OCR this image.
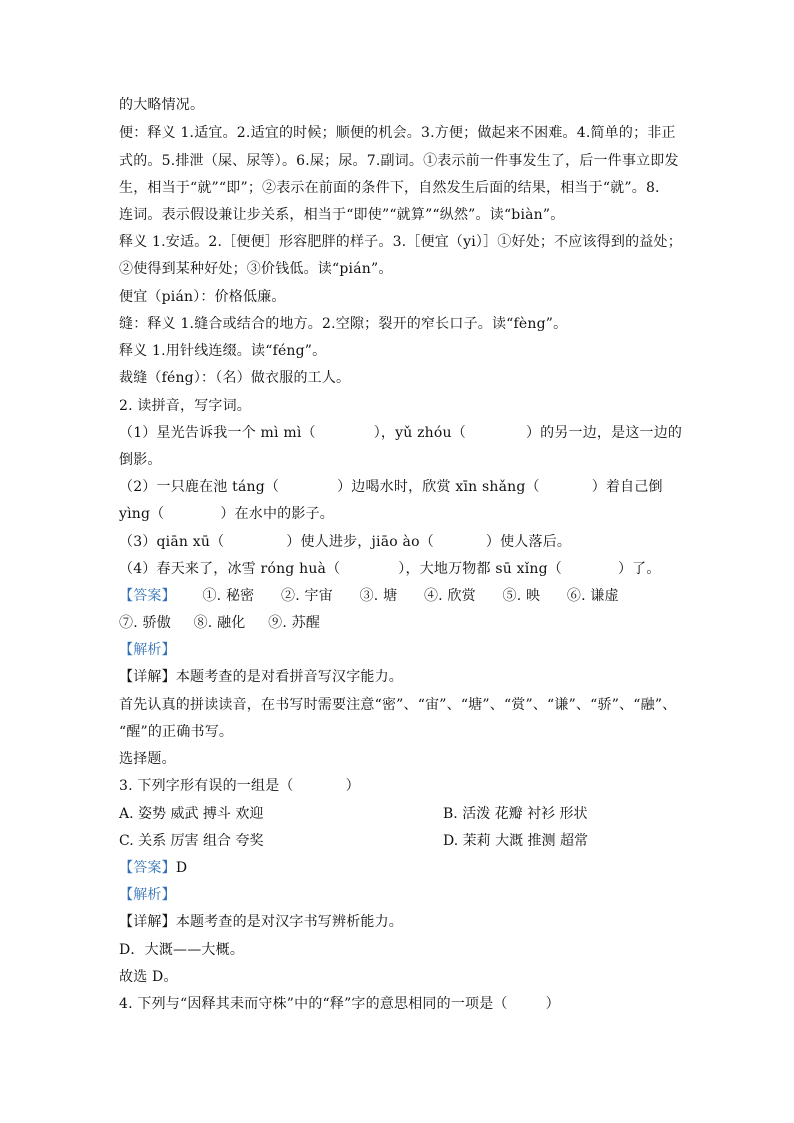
的大略情况。
便：释义 1.适宜。2.适宜的时候；顺便的机会。3.方便；做起来不困难。4.简单的；非正
式的。5.排泄（屎、尿等）。6.屎；尿。7.副词。①表示前一件事发生了，后一件事立即发
生，相当于“就”“即”；②表示在前面的条件下，自然发生后面的结果，相当于“就”。8.
连词。表示假设兼让步关系，相当于“即使”“就算”“纵然”。读“biàn”。
释义 1.安适。2.［便便］形容肥胖的样子。3.［便宜（yi）］①好处；不应该得到的益处；
②使得到某种好处；③价钱低。读“pián”。
便宜（pián）：价格低廉。
缝：释义 1.缝合或结合的地方。2.空隙；裂开的窄长口子。读“fèng”。
释义 1.用针线连缀。读“féng”。
裁缝（féng）：（名）做衣服的工人。
2. 读拼音，写字词。
（1）星光告诉我一个 mì mì（	），yǔ zhóu（	）的另一边，是这一边的
倒影。
（2）一只鹿在池 táng（	）边喝水时，欣赏 xīn shǎng（	）着自己倒
yìng（	）在水中的影子。
（3）qiān xū（	）使人进步，jiāo ào（	）使人落后。
（4）春天来了，冰雪 róng huà（	），大地万物都 sū xǐng（	）了。
【答案】 ①. 秘密 ②. 宇宙 ③. 塘 ④. 欣赏 ⑤. 映 ⑥. 谦虚
⑦. 骄傲 ⑧. 融化 ⑨. 苏醒
【解析】
【详解】本题考查的是对看拼音写汉字能力。
首先认真的拼读读音，在书写时需要注意“密”、“宙”、“塘”、“赏”、“谦”、“骄”、“融”、
“醒”的正确书写。
选择题。
3. 下列字形有误的一组是（	）
A. 姿势 威武 搏斗 欢迎	B. 活泼 花瓣 衬衫 形状
C. 关系 厉害 组合 夸奖	D. 茉莉 大溉 推测 超常
【答案】D
【解析】
【详解】本题考查的是对汉字书写辨析能力。
D．大溉——大概。
故选 D。
4. 下列与“因释其耒而守株”中的“释”字的意思相同的一项是（	）
